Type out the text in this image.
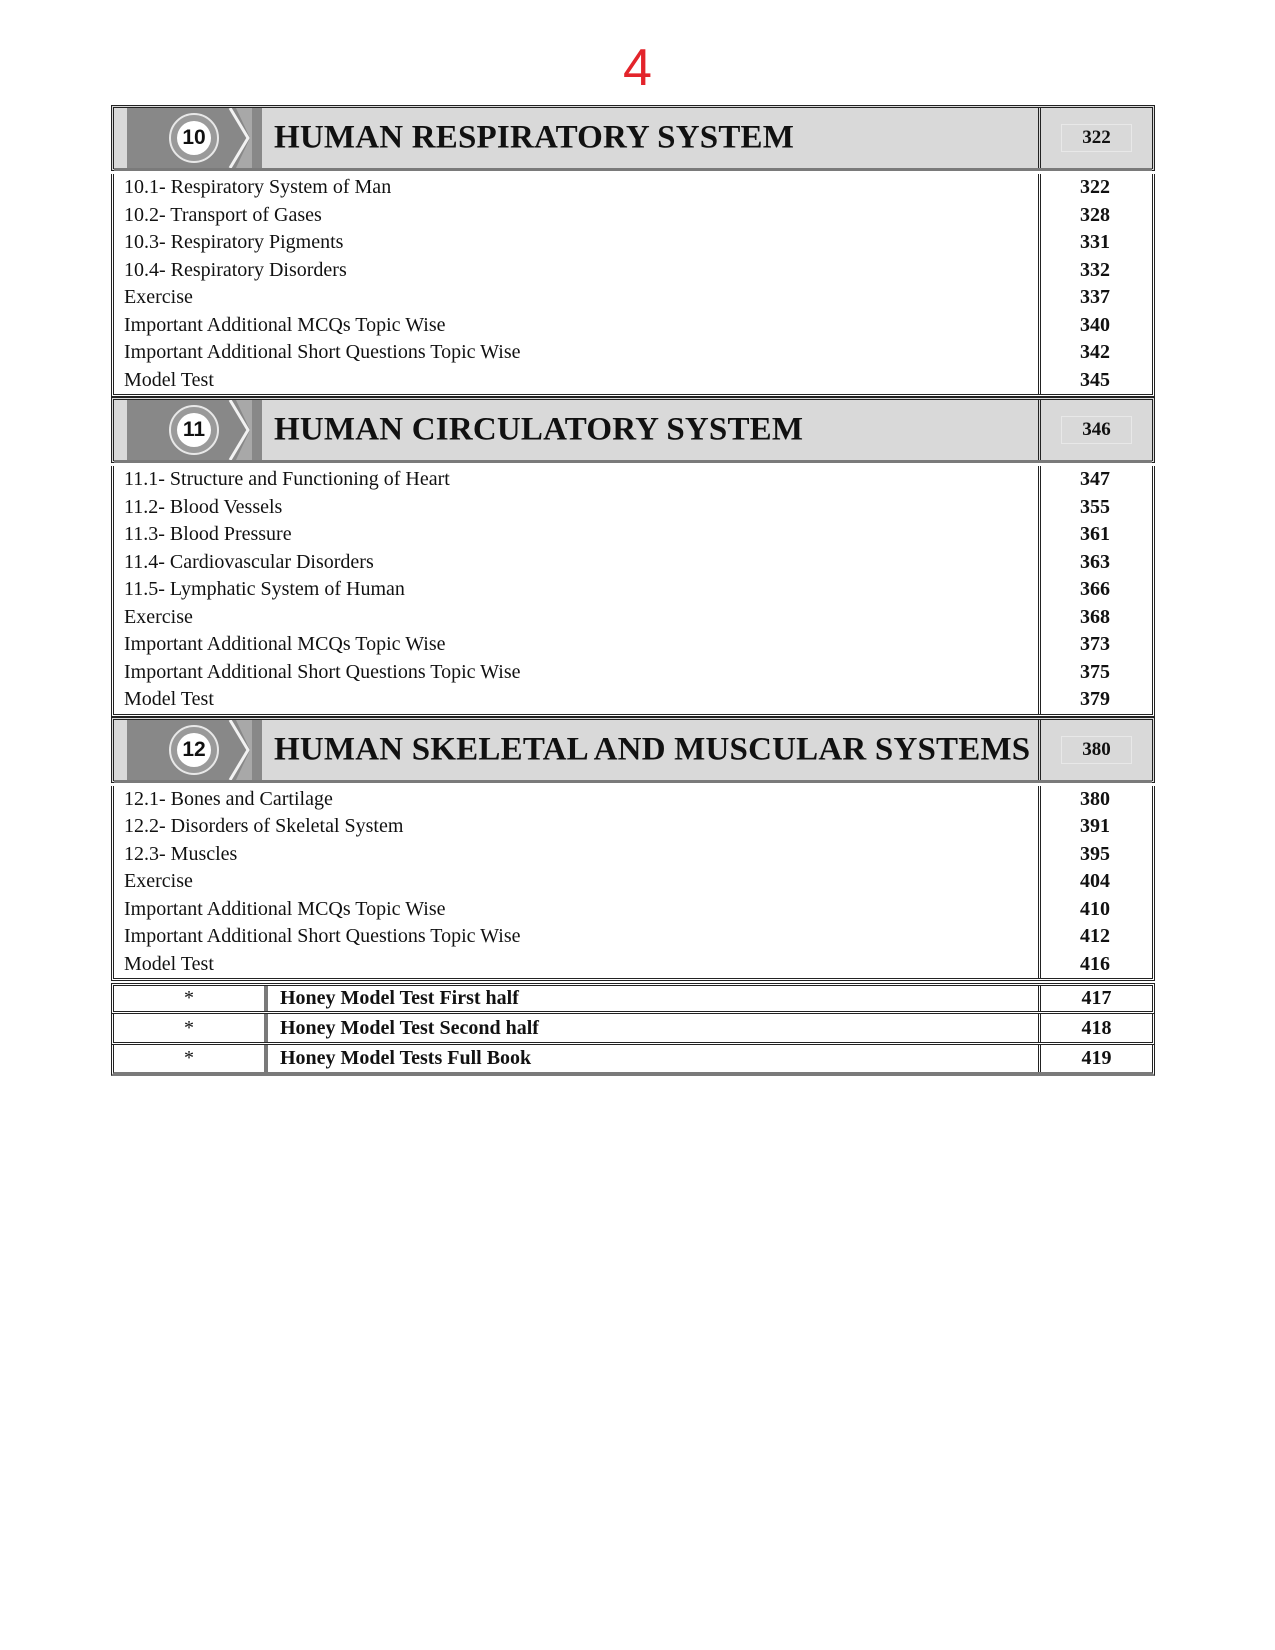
4
10 HUMAN RESPIRATORY SYSTEM	322
10.1- Respiratory System of Man	322
10.2- Transport of Gases	328
10.3- Respiratory Pigments	331
10.4- Respiratory Disorders	332
Exercise	337
Important Additional MCQs Topic Wise	340
Important Additional Short Questions Topic Wise	342
Model Test	345
11 HUMAN CIRCULATORY SYSTEM	346
11.1- Structure and Functioning of Heart	347
11.2- Blood Vessels	355
11.3- Blood Pressure	361
11.4- Cardiovascular Disorders	363
11.5- Lymphatic System of Human	366
Exercise	368
Important Additional MCQs Topic Wise	373
Important Additional Short Questions Topic Wise	375
Model Test	379
12 HUMAN SKELETAL AND MUSCULAR SYSTEMS	380
12.1- Bones and Cartilage	380
12.2- Disorders of Skeletal System	391
12.3- Muscles	395
Exercise	404
Important Additional MCQs Topic Wise	410
Important Additional Short Questions Topic Wise	412
Model Test	416
*	Honey Model Test First half	417
*	Honey Model Test Second half	418
*	Honey Model Tests Full Book	419
